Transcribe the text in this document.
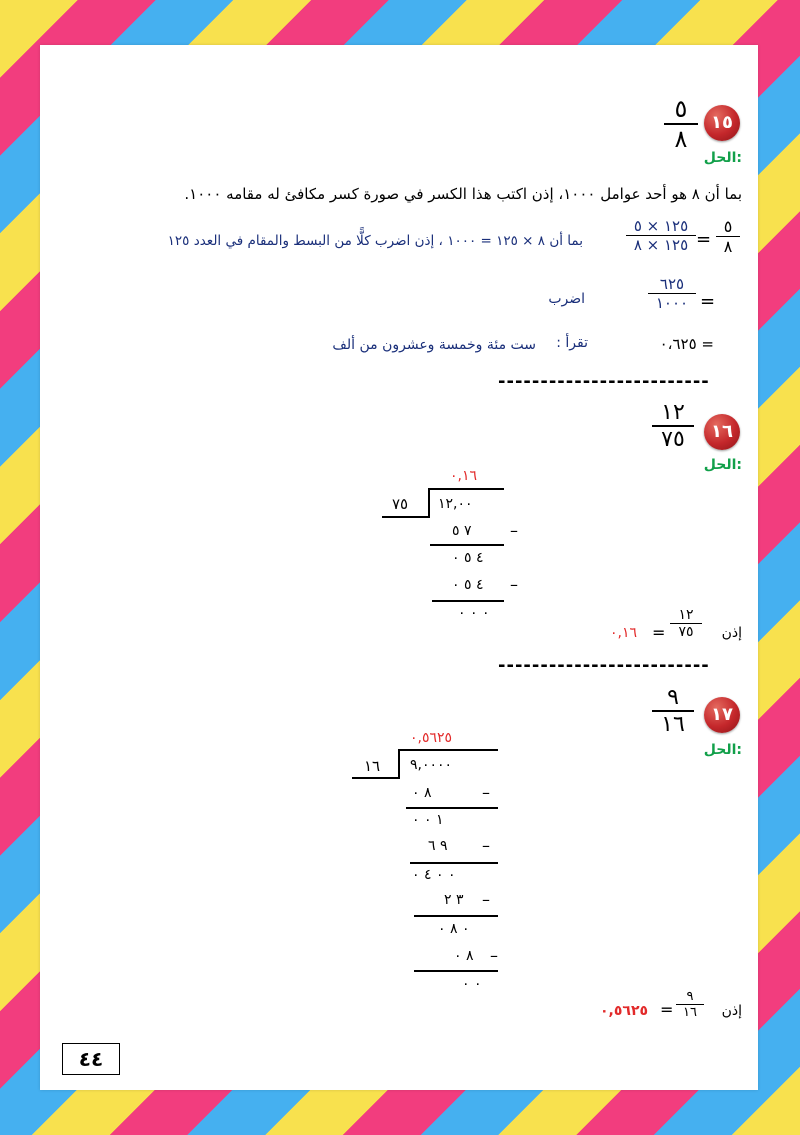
١٥
٥
٨
الحل:
بما أن ٨ هو أحد عوامل ١٠٠٠، إذن اكتب هذا الكسر في صورة كسر مكافئ له مقامه ١٠٠٠.
٥
٨
=
١٢٥ × ٥
١٢٥ × ٨
بما أن ٨ × ١٢٥ = ١٠٠٠ ، إذن اضرب كلًّا من البسط والمقام في العدد ١٢٥
=
٦٢٥
١٠٠٠
اضرب
= ٠،٦٢٥
تقرأ :
ست مئة وخمسة وعشرون من ألف
-------------------------
١٦
١٢
٧٥
الحل:
٠,١٦
٧٥ ١٢,٠٠
٧ ٥ –
٤ ٥ ٠
٤ ٥ ٠ –
٠ ٠ ٠
إذن
١٢
٧٥
=
٠,١٦
-------------------------
١٧
٩
١٦
الحل:
٠,٥٦٢٥
١٦ ٩,٠٠٠٠
٨ ٠	–
١ ٠ ٠
٩ ٦ –
٠ ٠ ٤ ٠
٣ ٢ –
٠ ٨ ٠
٨ ٠ –
٠ ٠
إذن
٩
١٦
=
٠,٥٦٢٥
٤٤
